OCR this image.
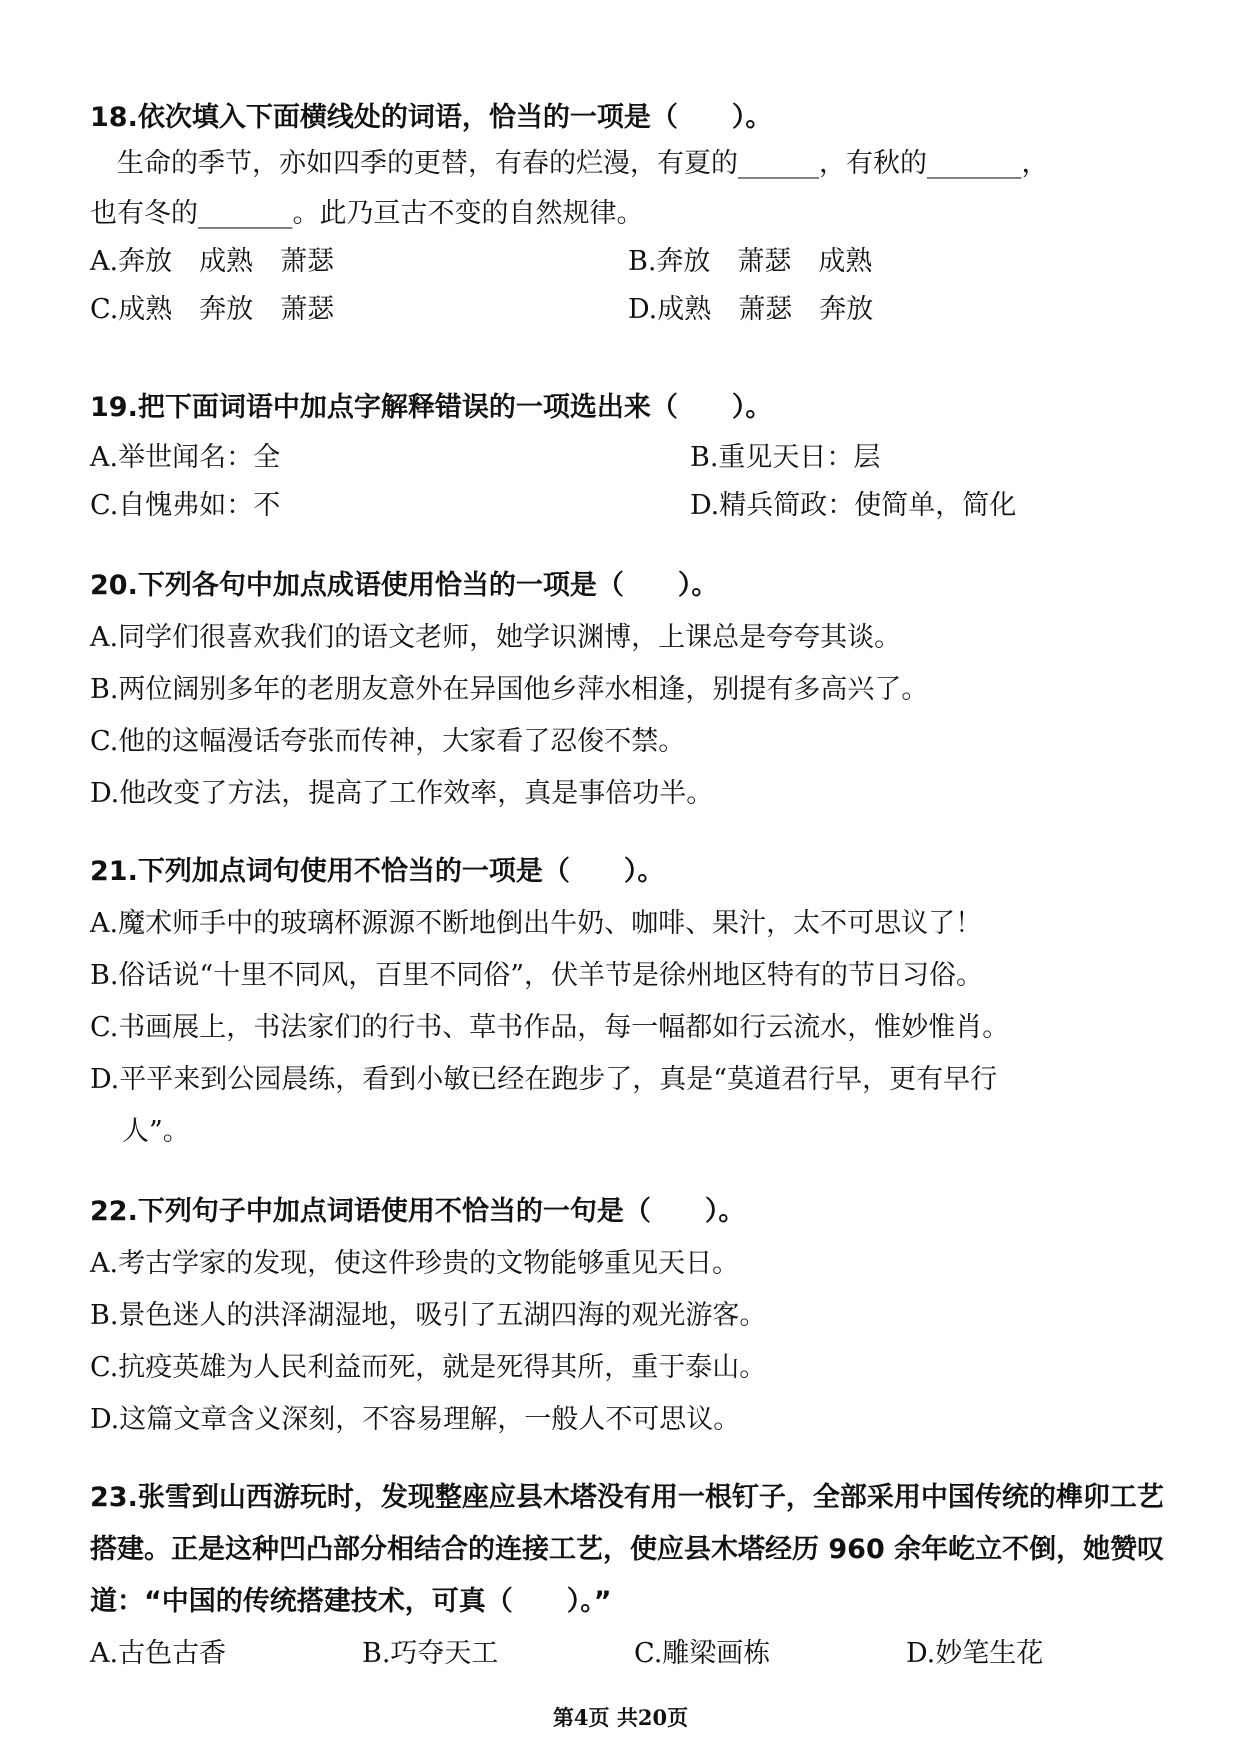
18.依次填入下面横线处的词语，恰当的一项是（　　）。
　生命的季节，亦如四季的更替，有春的烂漫，有夏的______，有秋的_______，
也有冬的_______。此乃亘古不变的自然规律。
A.奔放　成熟　萧瑟	B.奔放　萧瑟　成熟
C.成熟　奔放　萧瑟	D.成熟　萧瑟　奔放
19.把下面词语中加点字解释错误的一项选出来（　　）。
A.举世闻名：全	B.重见天日：层
C.自愧弗如：不	D.精兵简政：使简单，简化
20.下列各句中加点成语使用恰当的一项是（　　）。
A.同学们很喜欢我们的语文老师，她学识渊博，上课总是夸夸其谈。
B.两位阔别多年的老朋友意外在异国他乡萍水相逢，别提有多高兴了。
C.他的这幅漫话夸张而传神，大家看了忍俊不禁。
D.他改变了方法，提高了工作效率，真是事倍功半。
21.下列加点词句使用不恰当的一项是（　　）。
A.魔术师手中的玻璃杯源源不断地倒出牛奶、咖啡、果汁，太不可思议了！
B.俗话说“十里不同风，百里不同俗”，伏羊节是徐州地区特有的节日习俗。
C.书画展上，书法家们的行书、草书作品，每一幅都如行云流水，惟妙惟肖。
D.平平来到公园晨练，看到小敏已经在跑步了，真是“莫道君行早，更有早行
人”。
22.下列句子中加点词语使用不恰当的一句是（　　）。
A.考古学家的发现，使这件珍贵的文物能够重见天日。
B.景色迷人的洪泽湖湿地，吸引了五湖四海的观光游客。
C.抗疫英雄为人民利益而死，就是死得其所，重于泰山。
D.这篇文章含义深刻，不容易理解，一般人不可思议。
23.张雪到山西游玩时，发现整座应县木塔没有用一根钉子，全部采用中国传统的榫卯工艺搭建。正是这种凹凸部分相结合的连接工艺，使应县木塔经历 960 余年屹立不倒，她赞叹道：“中国的传统搭建技术，可真（　　）。”
A.古色古香	B.巧夺天工	C.雕梁画栋	D.妙笔生花
第4页 共20页
